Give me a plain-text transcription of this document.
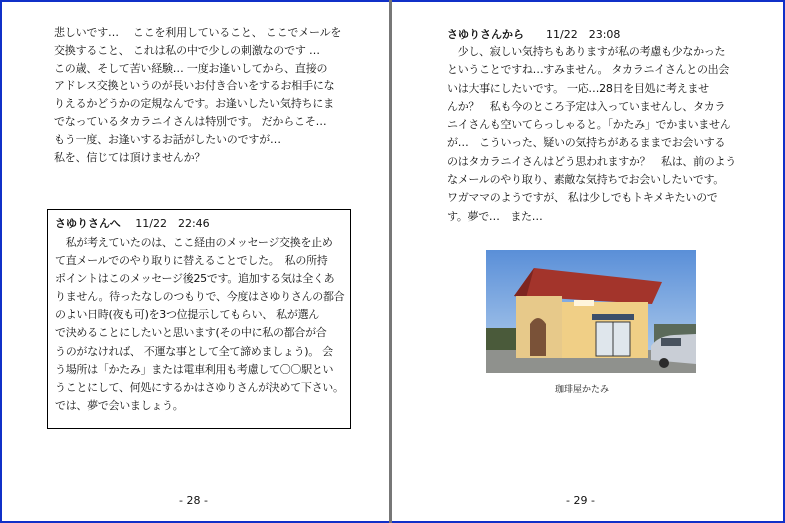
悲しいです…　 ここを利用していること、 ここでメールを
交換すること、 これは私の中で少しの刺激なのです …
この歳、そして苦い経験… 一度お逢いしてから、直接の
アドレス交換というのが長いお付き合いをするお相手にな
りえるかどうかの定規なんです。お逢いしたい気持ちにま
でなっているタカラニイさんは特別です。 だからこそ…
もう一度、お逢いするお話がしたいのですが…
私を、信じては頂けませんか？
さゆりさんへ　 11/22　22:46
　私が考えていたのは、ここ経由のメッセージ交換を止め
て直メールでのやり取りに替えることでした。　私の所持
ポイントはこのメッセージ後25です。追加する気は全くあ
りません。待ったなしのつもりで、今度はさゆりさんの都合
のよい日時(夜も可)を3つ位提示してもらい、 私が選ん
で決めることにしたいと思います(その中に私の都合が合
うのがなければ、 不運な事として全て諦めましょう)。 会
う場所は「かたみ」または電車利用も考慮して〇〇駅とい
うことにして、何処にするかはさゆりさんが決めて下さい。
では、夢で会いましょう。
- 28 -
さゆりさんから　　 11/22　23:08
　少し、寂しい気持ちもありますが私の考慮も少なかった
ということですね…すみません。 タカラニイさんとの出会
いは大事にしたいです。 一応…28日を目処に考えませ
んか？　私も今のところ予定は入っていませんし、タカラ
ニイさんも空いてらっしゃると。「かたみ」でかまいません
が…　こういった、疑いの気持ちがあるままでお会いする
のはタカラニイさんはどう思われますか？　私は、前のよう
なメールのやり取り、素敵な気持ちでお会いしたいです。
ワガママのようですが、 私は少しでもトキメキたいので
す。夢で…　また…
珈琲屋かたみ
- 29 -
